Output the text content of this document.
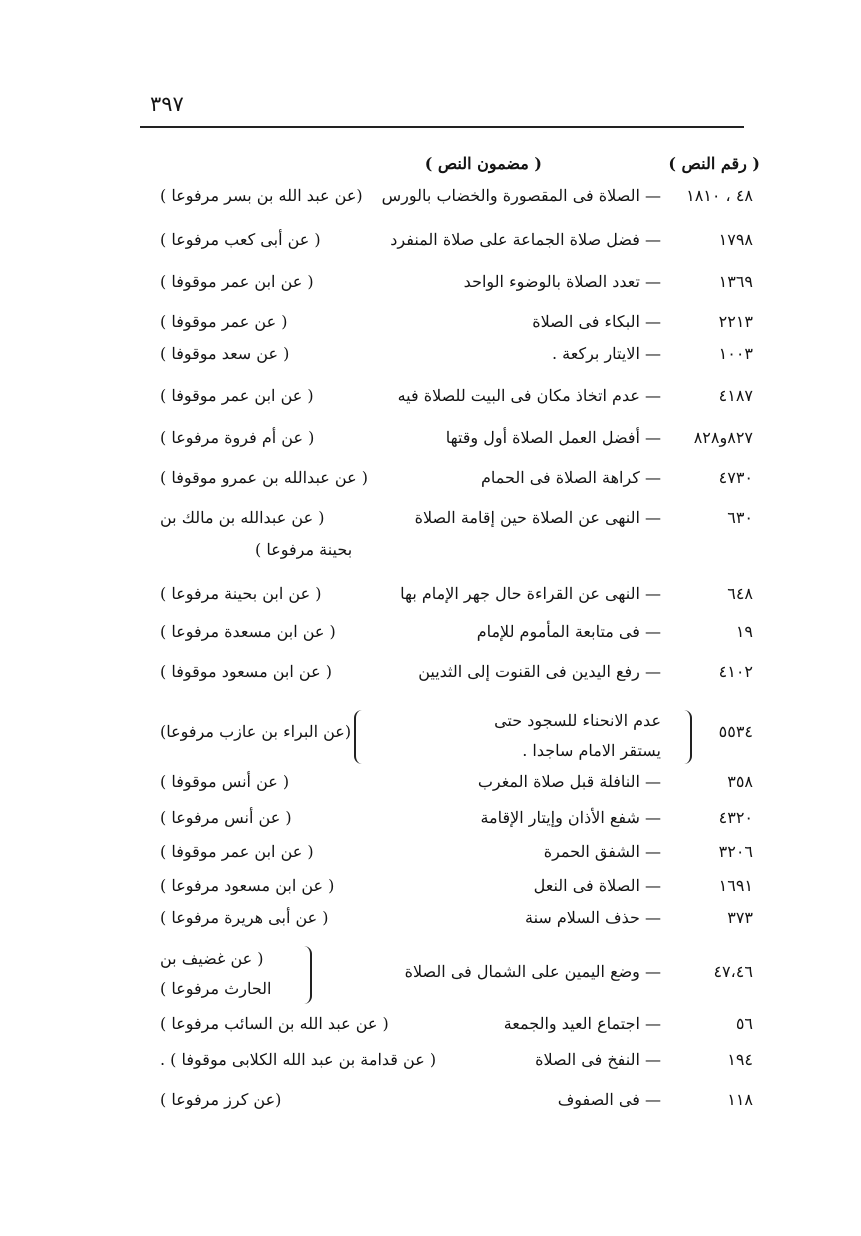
٣٩٧
( رقم النص )
( مضمون النص )
٤٨ ، ١٨١٠
— الصلاة فى المقصورة والخضاب بالورس
(عن عبد الله بن بسر مرفوعا )
١٧٩٨
— فضل صلاة الجماعة على صلاة المنفرد
( عن أبى كعب مرفوعا )
١٣٦٩
— تعدد الصلاة بالوضوء الواحد
( عن ابن عمر موقوفا )
٢٢١٣
— البكاء فى الصلاة
( عن عمر موقوفا )
١٠٠٣
— الايتار بركعة .
( عن سعد موقوفا )
٤١٨٧
— عدم اتخاذ مكان فى البيت للصلاة فيه
( عن ابن عمر موقوفا )
٨٢٧و٨٢٨
— أفضل العمل الصلاة أول وقتها
( عن أم فروة مرفوعا )
٤٧٣٠
— كراهة الصلاة فى الحمام
( عن عبدالله بن عمرو موقوفا )
٦٣٠
— النهى عن الصلاة حين إقامة الصلاة
( عن عبدالله بن مالك بن
بحينة مرفوعا )
٦٤٨
— النهى عن القراءة حال جهر الإمام بها
( عن ابن بحينة مرفوعا )
١٩
— فى متابعة المأموم للإمام
( عن ابن مسعدة مرفوعا )
٤١٠٢
— رفع اليدين فى القنوت إلى الثديين
( عن ابن مسعود موقوفا )
٥٥٣٤
عدم الانحناء للسجود حتى
يستقر الامام ساجدا .
(عن البراء بن عازب مرفوعا)
٣٥٨
— النافلة قبل صلاة المغرب
( عن أنس موقوفا )
٤٣٢٠
— شفع الأذان وإيتار الإقامة
( عن أنس مرفوعا )
٣٢٠٦
— الشفق الحمرة
( عن ابن عمر موقوفا )
١٦٩١
— الصلاة فى النعل
( عن ابن مسعود مرفوعا )
٣٧٣
— حذف السلام سنة
( عن أبى هريرة مرفوعا )
٤٧،٤٦
— وضع اليمين على الشمال فى الصلاة
( عن غضيف بن
الحارث مرفوعا )
٥٦
— اجتماع العيد والجمعة
( عن عبد الله بن السائب مرفوعا )
١٩٤
— النفخ فى الصلاة
( عن قدامة بن عبد الله الكلابى موقوفا ) .
١١٨
— فى الصفوف
(عن كرز مرفوعا )
